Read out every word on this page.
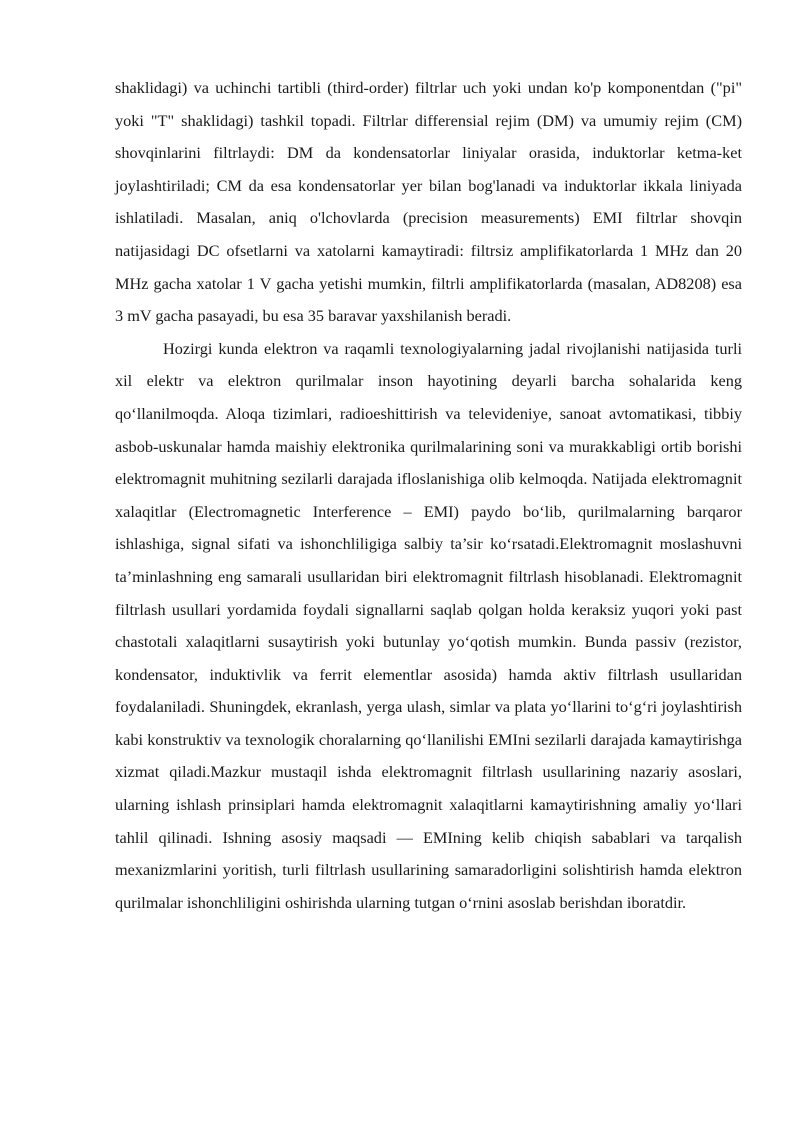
shaklidagi) va uchinchi tartibli (third-order) filtrlar uch yoki undan ko'p komponentdan ("pi" yoki "T" shaklidagi) tashkil topadi. Filtrlar differensial rejim (DM) va umumiy rejim (CM) shovqinlarini filtrlaydi: DM da kondensatorlar liniyalar orasida, induktorlar ketma-ket joylashtiriladi; CM da esa kondensatorlar yer bilan bog'lanadi va induktorlar ikkala liniyada ishlatiladi. Masalan, aniq o'lchovlarda (precision measurements) EMI filtrlar shovqin natijasidagi DC ofsetlarni va xatolarni kamaytiradi: filtrsiz amplifikatorlarda 1 MHz dan 20 MHz gacha xatolar 1 V gacha yetishi mumkin, filtrli amplifikatorlarda (masalan, AD8208) esa 3 mV gacha pasayadi, bu esa 35 baravar yaxshilanish beradi.

Hozirgi kunda elektron va raqamli texnologiyalarning jadal rivojlanishi natijasida turli xil elektr va elektron qurilmalar inson hayotining deyarli barcha sohalarida keng qo‘llanilmoqda. Aloqa tizimlari, radioeshittirish va televideniye, sanoat avtomatikasi, tibbiy asbob-uskunalar hamda maishiy elektronika qurilmalarining soni va murakkabligi ortib borishi elektromagnit muhitning sezilarli darajada ifloslanishiga olib kelmoqda. Natijada elektromagnit xalaqitlar (Electromagnetic Interference – EMI) paydo bo‘lib, qurilmalarning barqaror ishlashiga, signal sifati va ishonchliligiga salbiy ta’sir ko‘rsatadi.Elektromagnit moslashuvni ta’minlashning eng samarali usullaridan biri elektromagnit filtrlash hisoblanadi. Elektromagnit filtrlash usullari yordamida foydali signallarni saqlab qolgan holda keraksiz yuqori yoki past chastotali xalaqitlarni susaytirish yoki butunlay yo‘qotish mumkin. Bunda passiv (rezistor, kondensator, induktivlik va ferrit elementlar asosida) hamda aktiv filtrlash usullaridan foydalaniladi. Shuningdek, ekranlash, yerga ulash, simlar va plata yo‘llarini to‘g‘ri joylashtirish kabi konstruktiv va texnologik choralarning qo‘llanilishi EMIni sezilarli darajada kamaytirishga xizmat qiladi.Mazkur mustaqil ishda elektromagnit filtrlash usullarining nazariy asoslari, ularning ishlash prinsiplari hamda elektromagnit xalaqitlarni kamaytirishning amaliy yo‘llari tahlil qilinadi. Ishning asosiy maqsadi — EMIning kelib chiqish sabablari va tarqalish mexanizmlarini yoritish, turli filtrlash usullarining samaradorligini solishtirish hamda elektron qurilmalar ishonchliligini oshirishda ularning tutgan o‘rnini asoslab berishdan iboratdir.
